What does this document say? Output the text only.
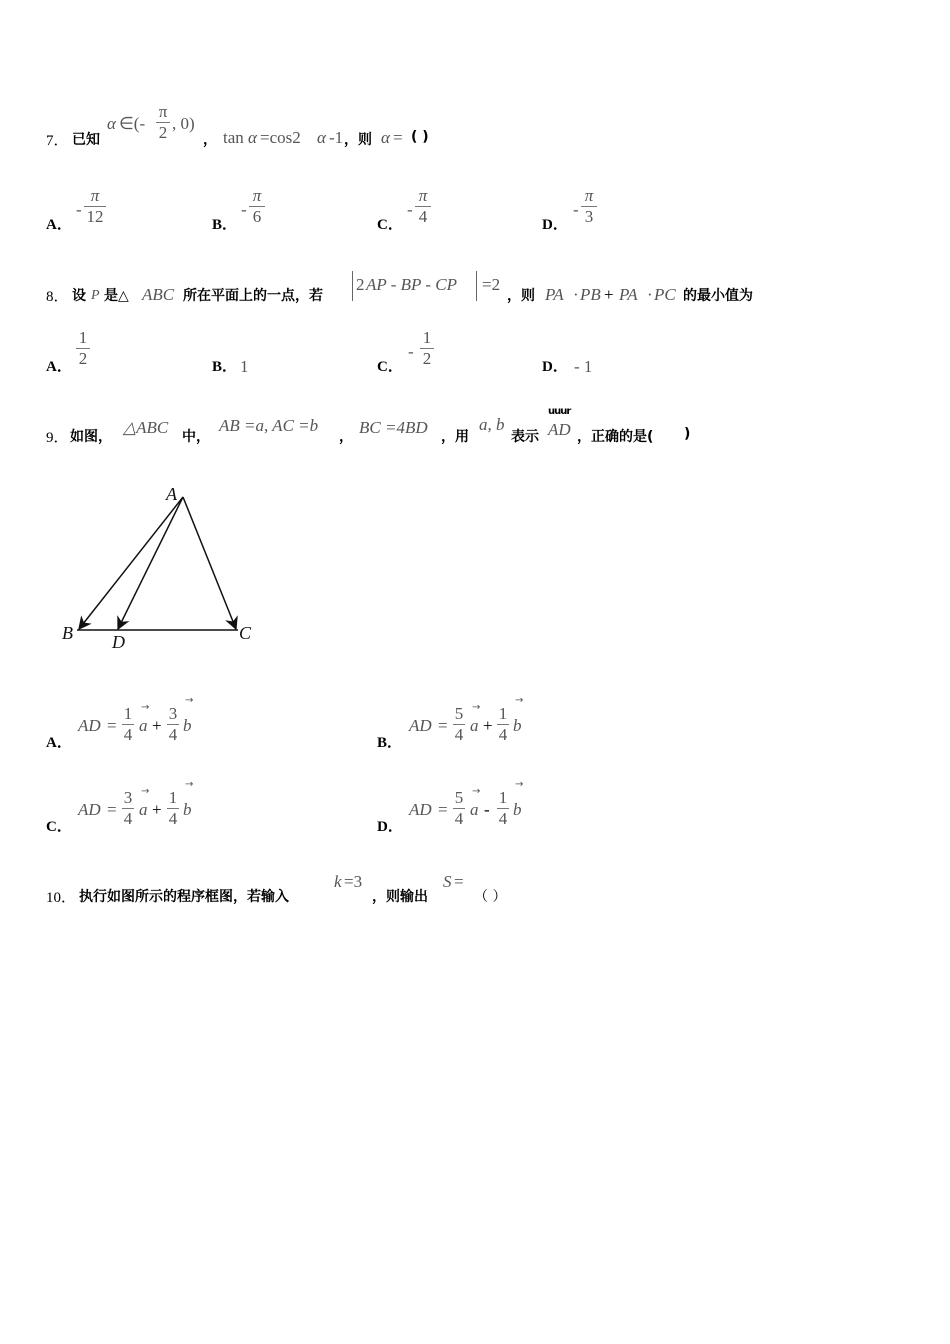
7． 已知
α ∈(-
π
2 , 0)
， tan α =cos2 α -1 ，则 α = ( )
A．
-
π
12	B．
-
π
6	C．
-
π
4	D．
-
π
3
8． 设 P 是△ ABC 所在平面上的一点，若
2 AP - BP - CP =2
，则 PA · PB + PA · PC 的最小值为
A．
1
2	B． 1	C．
-
1
2	D． - 1
9． 如图， △ABC 中，
AB =a, AC =b
， BC =4BD ，用
a, b
表示
uuur
AD ，正确的是( )
A
B D	C
A．
AD =
1
4
→
a +
3
4
→
b
B．
AD =
5
4
→
a +
1
4
→
b
C．
AD =
3
4
→
a +
1
4
→
b
D．
AD =
5
4
→
a -
1
4
→
b
10． 执行如图所示的程序框图，若输入
k =3
，则输出
S =
（ ）
